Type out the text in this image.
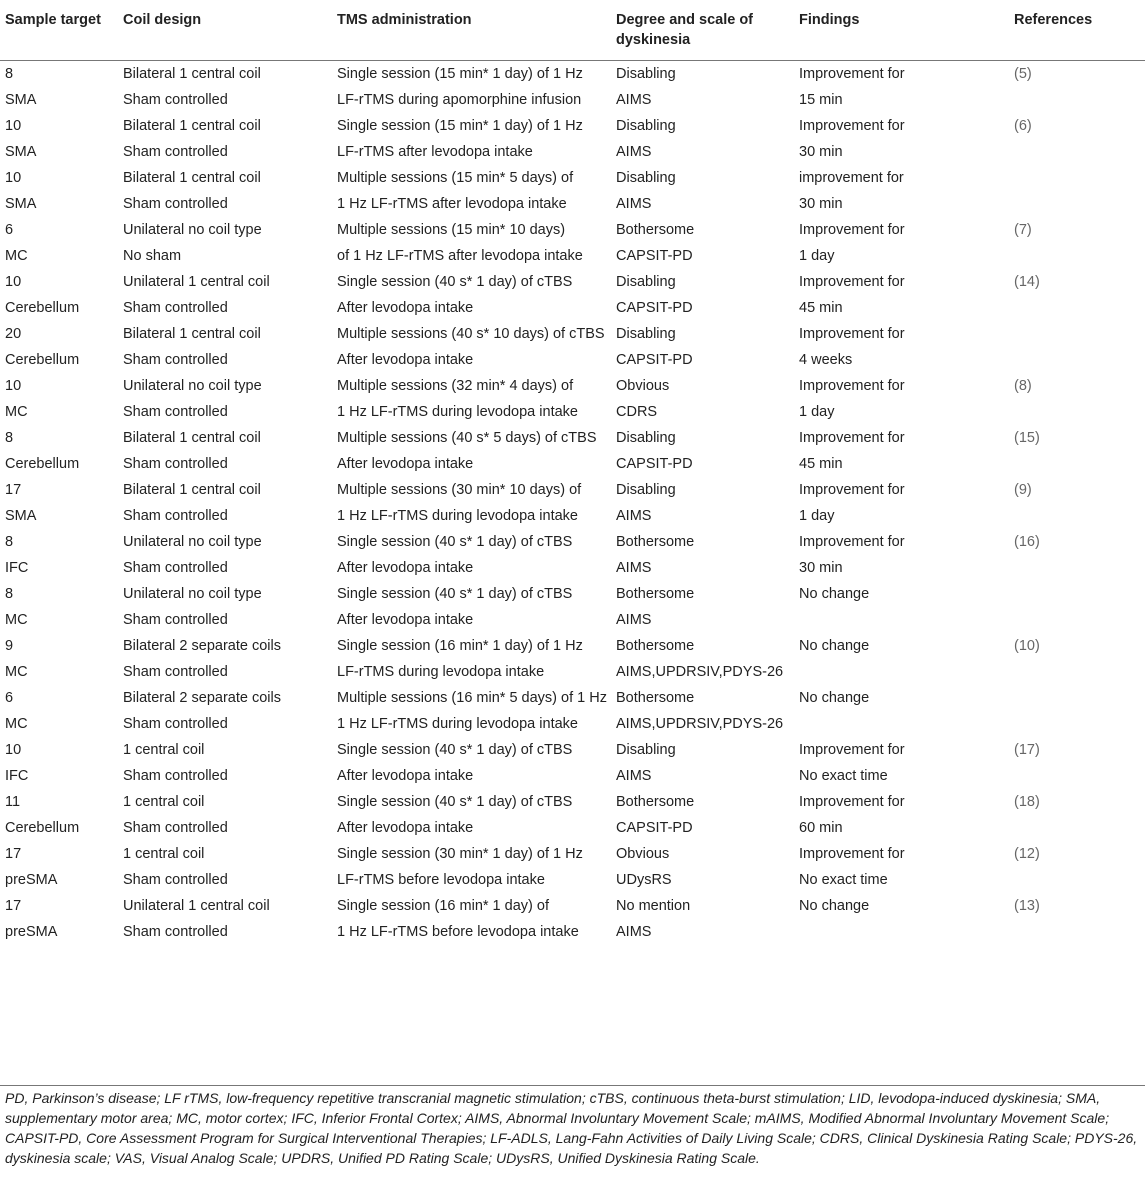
Sample target	Coil design	TMS administration	Degree and scale of dyskinesia	Findings	References
8	Bilateral 1 central coil	Single session (15 min* 1 day) of 1 Hz	Disabling	Improvement for	(5)
SMA	Sham controlled	LF-rTMS during apomorphine infusion	AIMS	15 min	
10	Bilateral 1 central coil	Single session (15 min* 1 day) of 1 Hz	Disabling	Improvement for	(6)
SMA	Sham controlled	LF-rTMS after levodopa intake	AIMS	30 min	
10	Bilateral 1 central coil	Multiple sessions (15 min* 5 days) of	Disabling	improvement for	
SMA	Sham controlled	1 Hz LF-rTMS after levodopa intake	AIMS	30 min	
6	Unilateral no coil type	Multiple sessions (15 min* 10 days)	Bothersome	Improvement for	(7)
MC	No sham	of 1 Hz LF-rTMS after levodopa intake	CAPSIT-PD	1 day	
10	Unilateral 1 central coil	Single session (40 s* 1 day) of cTBS	Disabling	Improvement for	(14)
Cerebellum	Sham controlled	After levodopa intake	CAPSIT-PD	45 min	
20	Bilateral 1 central coil	Multiple sessions (40 s* 10 days) of cTBS	Disabling	Improvement for	
Cerebellum	Sham controlled	After levodopa intake	CAPSIT-PD	4 weeks	
10	Unilateral no coil type	Multiple sessions (32 min* 4 days) of	Obvious	Improvement for	(8)
MC	Sham controlled	1 Hz LF-rTMS during levodopa intake	CDRS	1 day	
8	Bilateral 1 central coil	Multiple sessions (40 s* 5 days) of cTBS	Disabling	Improvement for	(15)
Cerebellum	Sham controlled	After levodopa intake	CAPSIT-PD	45 min	
17	Bilateral 1 central coil	Multiple sessions (30 min* 10 days) of	Disabling	Improvement for	(9)
SMA	Sham controlled	1 Hz LF-rTMS during levodopa intake	AIMS	1 day	
8	Unilateral no coil type	Single session (40 s* 1 day) of cTBS	Bothersome	Improvement for	(16)
IFC	Sham controlled	After levodopa intake	AIMS	30 min	
8	Unilateral no coil type	Single session (40 s* 1 day) of cTBS	Bothersome	No change	
MC	Sham controlled	After levodopa intake	AIMS		
9	Bilateral 2 separate coils	Single session (16 min* 1 day) of 1 Hz	Bothersome	No change	(10)
MC	Sham controlled	LF-rTMS during levodopa intake	AIMS,UPDRSIV,PDYS-26		
6	Bilateral 2 separate coils	Multiple sessions (16 min* 5 days) of 1 Hz	Bothersome	No change	
MC	Sham controlled	1 Hz LF-rTMS during levodopa intake	AIMS,UPDRSIV,PDYS-26		
10	1 central coil	Single session (40 s* 1 day) of cTBS	Disabling	Improvement for	(17)
IFC	Sham controlled	After levodopa intake	AIMS	No exact time	
11	1 central coil	Single session (40 s* 1 day) of cTBS	Bothersome	Improvement for	(18)
Cerebellum	Sham controlled	After levodopa intake	CAPSIT-PD	60 min	
17	1 central coil	Single session (30 min* 1 day) of 1 Hz	Obvious	Improvement for	(12)
preSMA	Sham controlled	LF-rTMS before levodopa intake	UDysRS	No exact time	
17	Unilateral 1 central coil	Single session (16 min* 1 day) of	No mention	No change	(13)
preSMA	Sham controlled	1 Hz LF-rTMS before levodopa intake	AIMS		

PD, Parkinson’s disease; LF rTMS, low-frequency repetitive transcranial magnetic stimulation; cTBS, continuous theta-burst stimulation; LID, levodopa-induced dyskinesia; SMA, supplementary motor area; MC, motor cortex; IFC, Inferior Frontal Cortex; AIMS, Abnormal Involuntary Movement Scale; mAIMS, Modified Abnormal Involuntary Movement Scale; CAPSIT-PD, Core Assessment Program for Surgical Interventional Therapies; LF-ADLS, Lang-Fahn Activities of Daily Living Scale; CDRS, Clinical Dyskinesia Rating Scale; PDYS-26, dyskinesia scale; VAS, Visual Analog Scale; UPDRS, Unified PD Rating Scale; UDysRS, Unified Dyskinesia Rating Scale.
